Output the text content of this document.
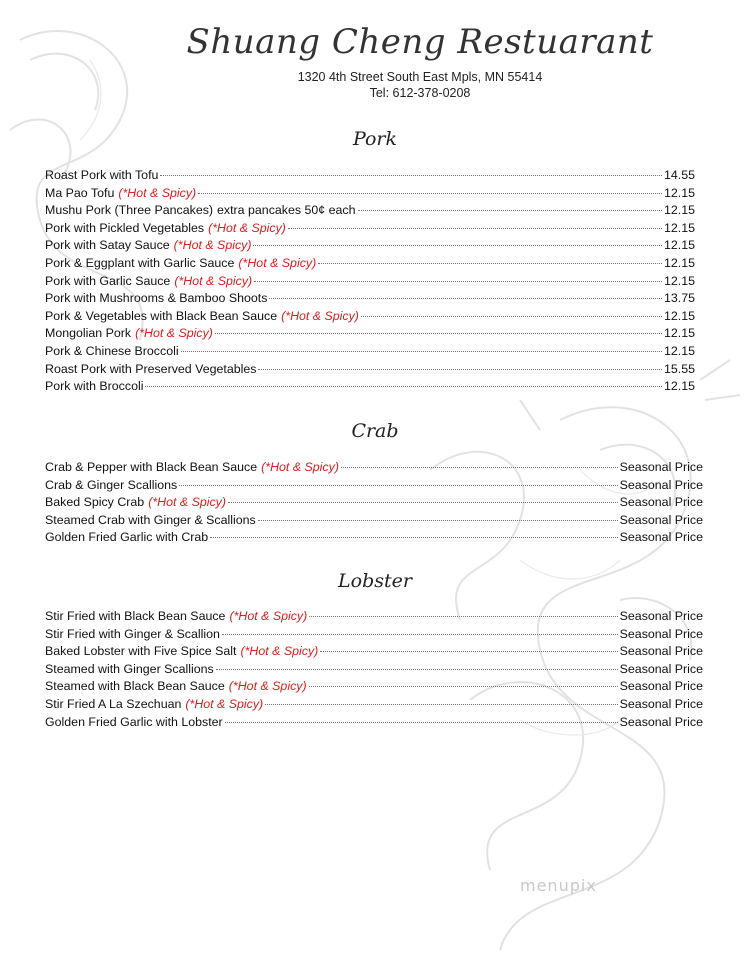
Shuang Cheng Restuarant
1320 4th Street South East Mpls, MN 55414
Tel: 612-378-0208
Pork
Roast Pork with Tofu	14.55
Ma Pao Tofu (*Hot & Spicy)	12.15
Mushu Pork (Three Pancakes) extra pancakes 50¢ each	12.15
Pork with Pickled Vegetables (*Hot & Spicy)	12.15
Pork with Satay Sauce (*Hot & Spicy)	12.15
Pork & Eggplant with Garlic Sauce (*Hot & Spicy)	12.15
Pork with Garlic Sauce (*Hot & Spicy)	12.15
Pork with Mushrooms & Bamboo Shoots	13.75
Pork & Vegetables with Black Bean Sauce (*Hot & Spicy)	12.15
Mongolian Pork (*Hot & Spicy)	12.15
Pork & Chinese Broccoli	12.15
Roast Pork with Preserved Vegetables	15.55
Pork with Broccoli	12.15
Crab
Crab & Pepper with Black Bean Sauce (*Hot & Spicy)	Seasonal Price
Crab & Ginger Scallions	Seasonal Price
Baked Spicy Crab (*Hot & Spicy)	Seasonal Price
Steamed Crab with Ginger & Scallions	Seasonal Price
Golden Fried Garlic with Crab	Seasonal Price
Lobster
Stir Fried with Black Bean Sauce (*Hot & Spicy)	Seasonal Price
Stir Fried with Ginger & Scallion	Seasonal Price
Baked Lobster with Five Spice Salt (*Hot & Spicy)	Seasonal Price
Steamed with Ginger Scallions	Seasonal Price
Steamed with Black Bean Sauce (*Hot & Spicy)	Seasonal Price
Stir Fried A La Szechuan (*Hot & Spicy)	Seasonal Price
Golden Fried Garlic with Lobster	Seasonal Price
menupix
